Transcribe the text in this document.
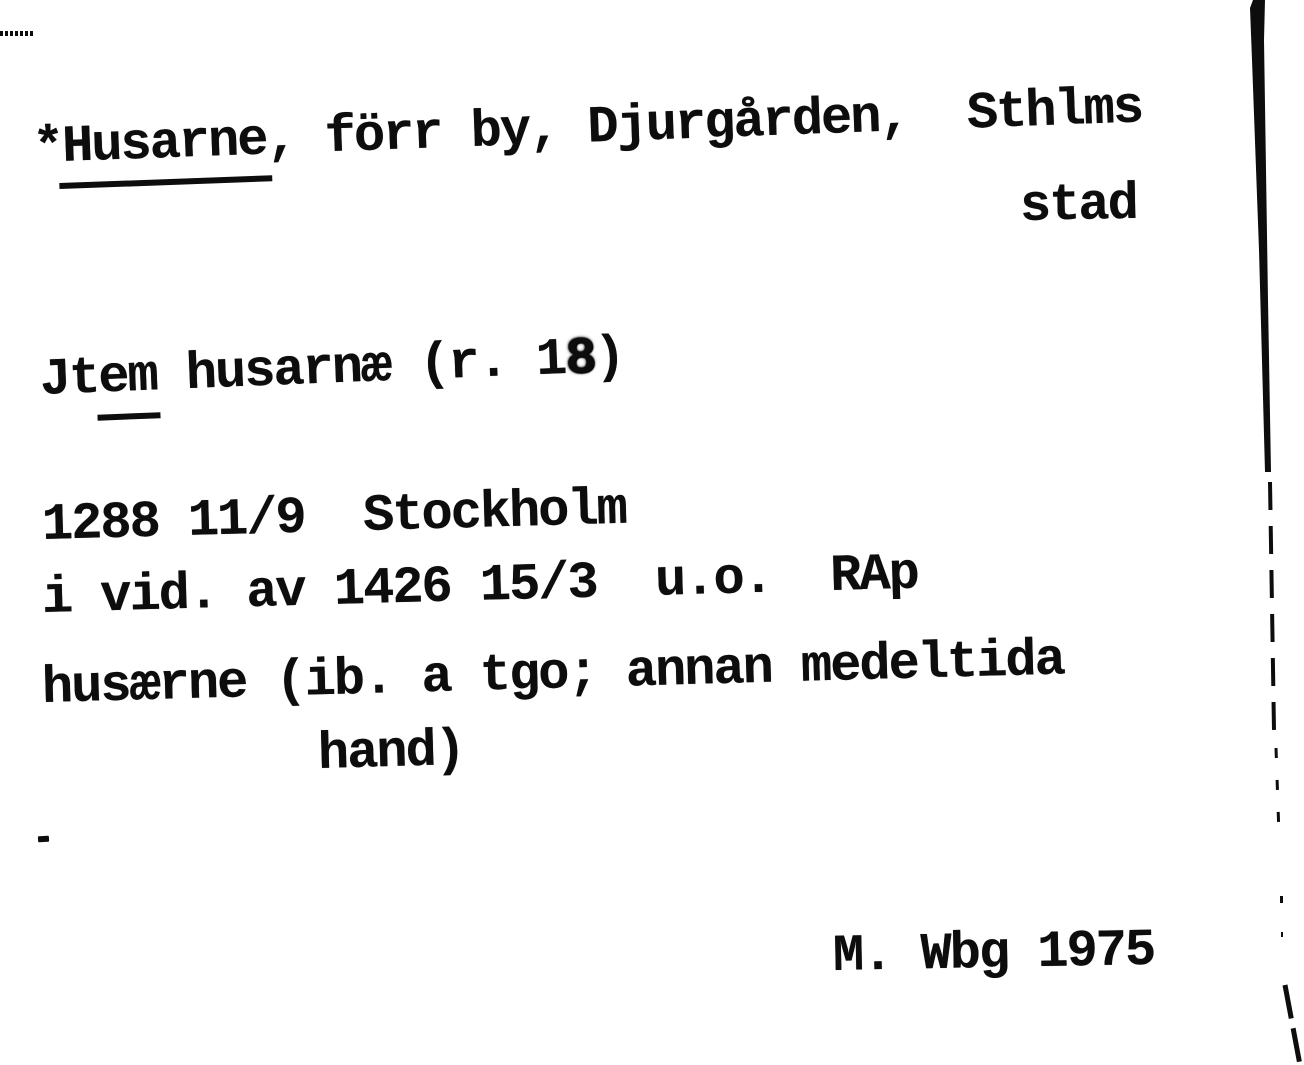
*Husarne, förr by, Djurgården,  Sthlms
stad
Jtem husarnæ (r. 18)
1288 11/9  Stockholm
i vid. av 1426 15/3  u.o.  RAp
husærne (ib. a tgo; annan medeltida
hand)
M. Wbg 1975
